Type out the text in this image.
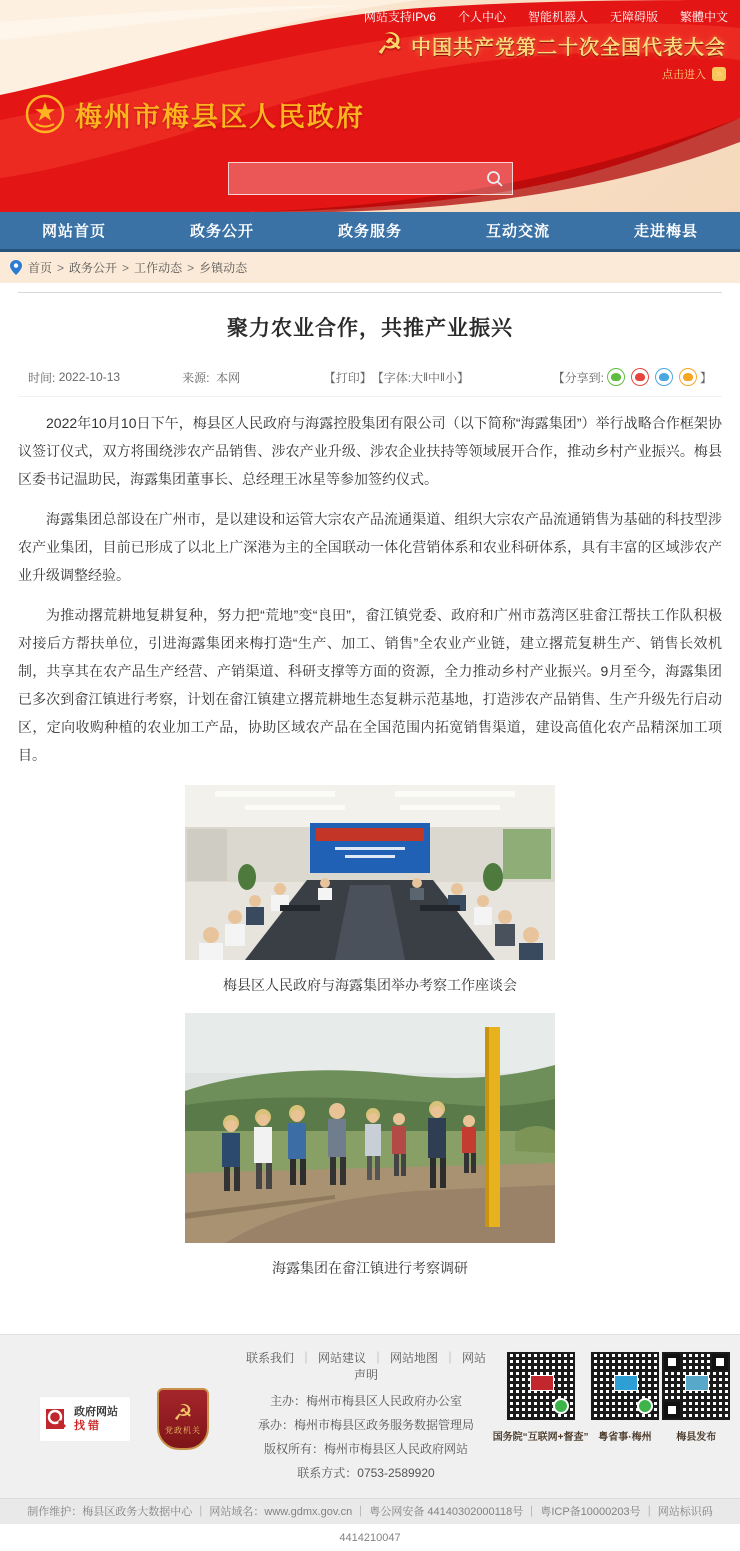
网站支持IPv6 个人中心 智能机器人 无障碍版 繁體中文
☭ 中国共产党第二十次全国代表大会
点击进入 »
梅州市梅县区人民政府
网站首页	政务公开	政务服务	互动交流	走进梅县
首页 > 政务公开 > 工作动态 > 乡镇动态
聚力农业合作，共推产业振兴
时间:
2022-10-13	来源: 本网	【打印】 【字体: 大 ‖ 中 ‖ 小 】	【分享到:	】

2022年10月10日下午，梅县区人民政府与海露控股集团有限公司（以下简称“海露集团”）举行战略合作框架协议签订仪式，双方将围绕涉农产品销售、涉农产业升级、涉农企业扶持等领域展开合作，推动乡村产业振兴。梅县区委书记温助民，海露集团董事长、总经理王冰星等参加签约仪式。

海露集团总部设在广州市，是以建设和运管大宗农产品流通渠道、组织大宗农产品流通销售为基础的科技型涉农产业集团，目前已形成了以北上广深港为主的全国联动一体化营销体系和农业科研体系，具有丰富的区域涉农产业升级调整经验。

为推动撂荒耕地复耕复种，努力把“荒地”变“良田”，畲江镇党委、政府和广州市荔湾区驻畲江帮扶工作队积极对接后方帮扶单位，引进海露集团来梅打造“生产、加工、销售”全农业产业链，建立撂荒复耕生产、销售长效机制，共享其在农产品生产经营、产销渠道、科研支撑等方面的资源，全力推动乡村产业振兴。9月至今，海露集团已多次到畲江镇进行考察，计划在畲江镇建立撂荒耕地生态复耕示范基地，打造涉农产品销售、生产升级先行启动区，定向收购种植的农业加工产品，协助区域农产品在全国范围内拓宽销售渠道，建设高值化农产品精深加工项目。

梅县区人民政府与海露集团举办考察工作座谈会
海露集团在畲江镇进行考察调研
政府网站
找错
☭
党政机关
联系我们 ｜ 网站建议 ｜ 网站地图 ｜ 网站声明
主办：梅州市梅县区人民政府办公室
承办：梅州市梅县区政务服务数据管理局
版权所有：梅州市梅县区人民政府网站
联系方式：0753-2589920
国务院“互联网+督查” 粤省事·梅州	梅县发布
制作维护：梅县区政务大数据中心 ｜ 网站域名：www.gdmx.gov.cn ｜ 粤公网安备 44140302000118号 ｜ 粤ICP备10000203号 ｜ 网站标识码4414210047
